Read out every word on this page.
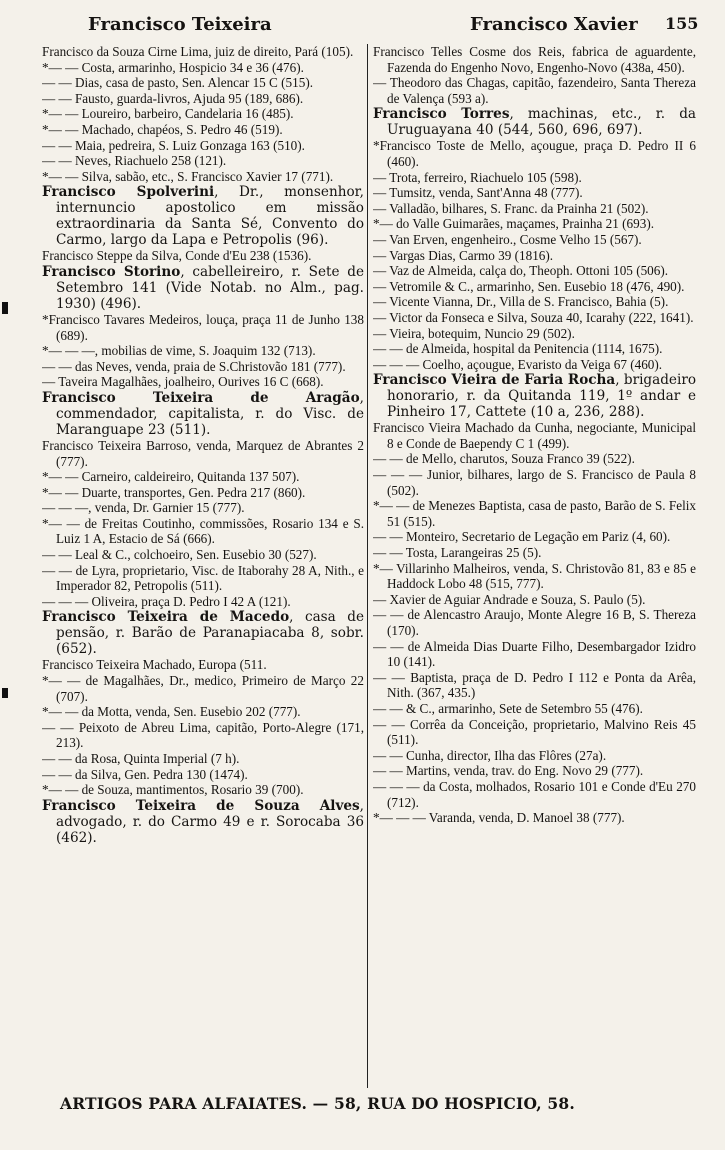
Francisco Teixeira	Francisco Xavier 155

Francisco da Souza Cirne Lima, juiz de direito, Pará (105).

*— — Costa, armarinho, Hospicio 34 e 36 (476).

— — Dias, casa de pasto, Sen. Alencar 15 C (515).

— — Fausto, guarda-livros, Ajuda 95 (189, 686).

*— — Loureiro, barbeiro, Candelaria 16 (485).

*— — Machado, chapéos, S. Pedro 46 (519).

— — Maia, pedreira, S. Luiz Gonzaga 163 (510).

— — Neves, Riachuelo 258 (121).

*— — Silva, sabão, etc., S. Francisco Xavier 17 (771).

Francisco Spolverini, Dr., monsenhor, internuncio apostolico em missão extraordinaria da Santa Sé, Convento do Carmo, largo da Lapa e Petropolis (96).

Francisco Steppe da Silva, Conde d'Eu 238 (1536).

Francisco Storino, cabelleireiro, r. Sete de Setembro 141 (Vide Notab. no Alm., pag. 1930) (496).

*Francisco Tavares Medeiros, louça, praça 11 de Junho 138 (689).

*— — —, mobilias de vime, S. Joaquim 132 (713).

— — das Neves, venda, praia de S.Christovão 181 (777).

— Taveira Magalhães, joalheiro, Ourives 16 C (668).

Francisco Teixeira de Aragão, commendador, capitalista, r. do Visc. de Maranguape 23 (511).

Francisco Teixeira Barroso, venda, Marquez de Abrantes 2 (777).

*— — Carneiro, caldeireiro, Quitanda 137 507).

*— — Duarte, transportes, Gen. Pedra 217 (860).

— — —, venda, Dr. Garnier 15 (777).

*— — de Freitas Coutinho, commissões, Rosario 134 e S. Luiz 1 A, Estacio de Sá (666).

— — Leal & C., colchoeiro, Sen. Eusebio 30 (527).

— — de Lyra, proprietario, Visc. de Itaborahy 28 A, Nith., e Imperador 82, Petropolis (511).

— — — Oliveira, praça D. Pedro I 42 A (121).

Francisco Teixeira de Macedo, casa de pensão, r. Barão de Paranapiacaba 8, sobr. (652).

Francisco Teixeira Machado, Europa (511.

*— — de Magalhães, Dr., medico, Primeiro de Março 22 (707).

*— — da Motta, venda, Sen. Eusebio 202 (777).

— — Peixoto de Abreu Lima, capitão, Porto-Alegre (171, 213).

— — da Rosa, Quinta Imperial (7 h).

— — da Silva, Gen. Pedra 130 (1474).

*— — de Souza, mantimentos, Rosario 39 (700).

Francisco Teixeira de Souza Alves, advogado, r. do Carmo 49 e r. Sorocaba 36 (462).

Francisco Telles Cosme dos Reis, fabrica de aguardente, Fazenda do Engenho Novo, Engenho-Novo (438a, 450).

— Theodoro das Chagas, capitão, fazendeiro, Santa Thereza de Valença (593 a).

Francisco Torres, machinas, etc., r. da Uruguayana 40 (544, 560, 696, 697).

*Francisco Toste de Mello, açougue, praça D. Pedro II 6 (460).

— Trota, ferreiro, Riachuelo 105 (598).

— Tumsitz, venda, Sant'Anna 48 (777).

— Valladão, bilhares, S. Franc. da Prainha 21 (502).

*— do Valle Guimarães, maçames, Prainha 21 (693).

— Van Erven, engenheiro., Cosme Velho 15 (567).

— Vargas Dias, Carmo 39 (1816).

— Vaz de Almeida, calça do, Theoph. Ottoni 105 (506).

— Vetromile & C., armarinho, Sen. Eusebio 18 (476, 490).

— Vicente Vianna, Dr., Villa de S. Francisco, Bahia (5).

— Victor da Fonseca e Silva, Souza 40, Icarahy (222, 1641).

— Vieira, botequim, Nuncio 29 (502).

— — de Almeida, hospital da Penitencia (1114, 1675).

— — — Coelho, açougue, Evaristo da Veiga 67 (460).

Francisco Vieira de Faria Rocha, brigadeiro honorario, r. da Quitanda 119, 1º andar e Pinheiro 17, Cattete (10 a, 236, 288).

Francisco Vieira Machado da Cunha, negociante, Municipal 8 e Conde de Baependy C 1 (499).

— — de Mello, charutos, Souza Franco 39 (522).

— — — Junior, bilhares, largo de S. Francisco de Paula 8 (502).

*— — de Menezes Baptista, casa de pasto, Barão de S. Felix 51 (515).

— — Monteiro, Secretario de Legação em Pariz (4, 60).

— — Tosta, Larangeiras 25 (5).

*— Villarinho Malheiros, venda, S. Christovão 81, 83 e 85 e Haddock Lobo 48 (515, 777).

— Xavier de Aguiar Andrade e Souza, S. Paulo (5).

— — de Alencastro Araujo, Monte Alegre 16 B, S. Thereza (170).

— — de Almeida Dias Duarte Filho, Desembargador Izidro 10 (141).

— — Baptista, praça de D. Pedro I 112 e Ponta da Arêa, Nith. (367, 435.)

— — & C., armarinho, Sete de Setembro 55 (476).

— — Corrêa da Conceição, proprietario, Malvino Reis 45 (511).

— — Cunha, director, Ilha das Flôres (27a).

— — Martins, venda, trav. do Eng. Novo 29 (777).

— — — da Costa, molhados, Rosario 101 e Conde d'Eu 270 (712).

*— — — Varanda, venda, D. Manoel 38 (777).

ARTIGOS PARA ALFAIATES. — 58, RUA DO HOSPICIO, 58.
